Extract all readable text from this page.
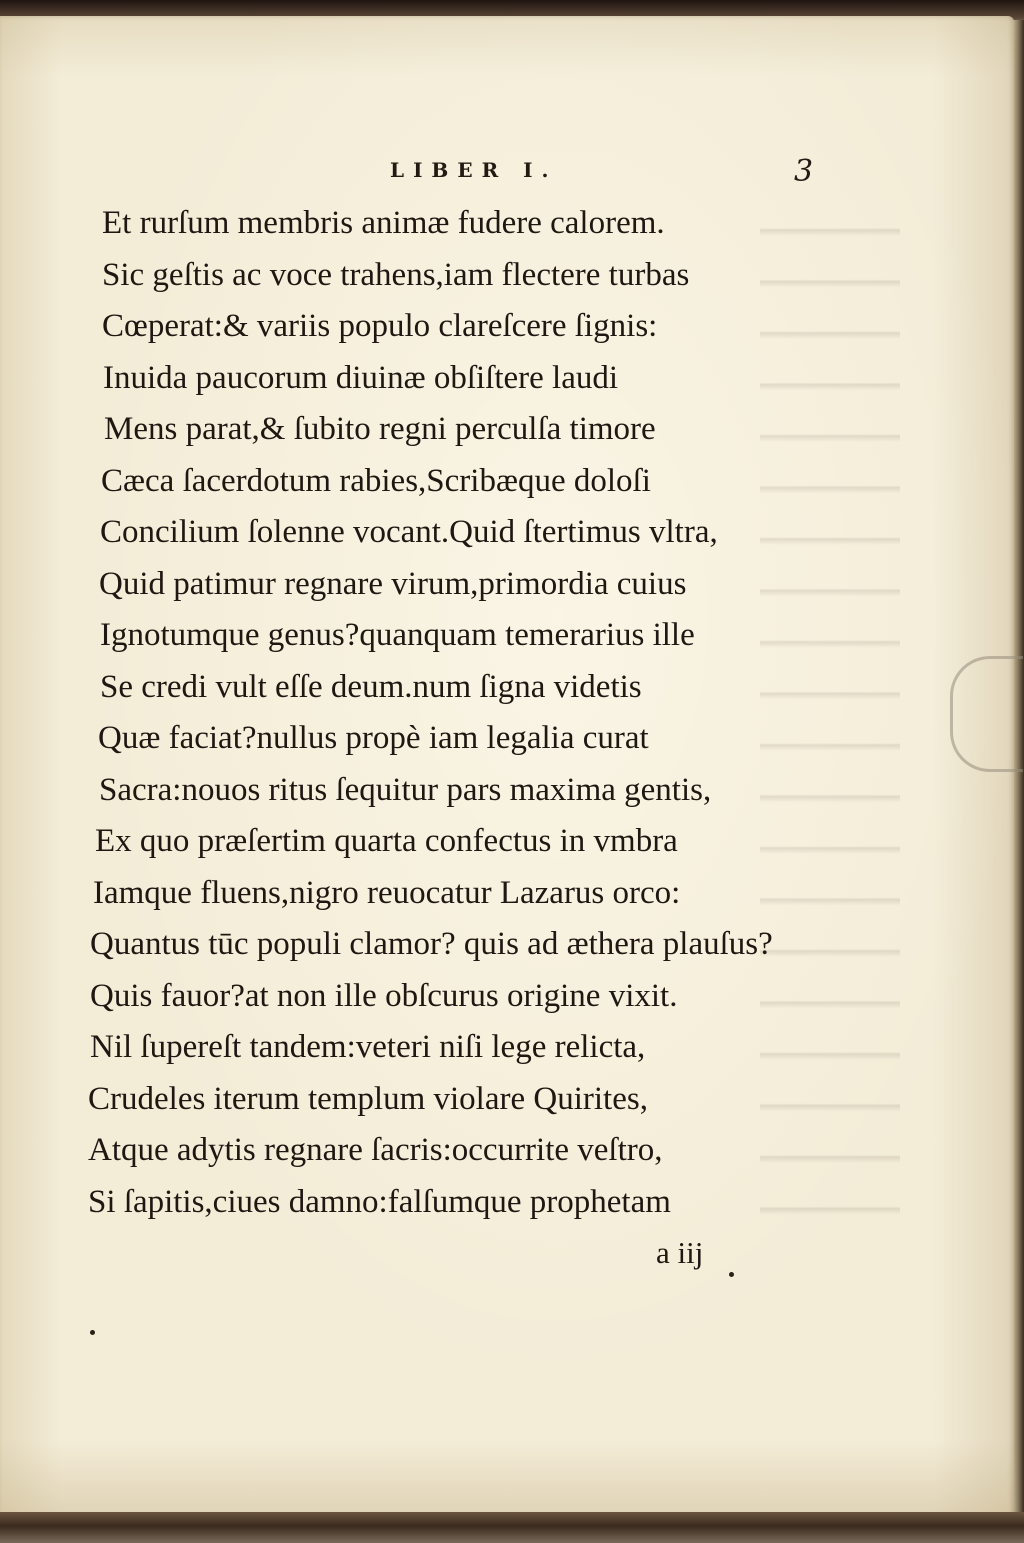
LIBER I.	3
Et rurſum membris animæ fudere calorem.
Sic geſtis ac voce trahens,iam flectere turbas
Cœperat:& variis populo clareſcere ſignis:
Inuida paucorum diuinæ obſiſtere laudi
Mens parat,& ſubito regni perculſa timore
Cæca ſacerdotum rabies,Scribæque doloſi
Concilium ſolenne vocant.Quid ſtertimus vltra,
Quid patimur regnare virum,primordia cuius
Ignotumque genus?quanquam temerarius ille
Se credi vult eſſe deum.num ſigna videtis
Quæ faciat?nullus propè iam legalia curat
Sacra:nouos ritus ſequitur pars maxima gentis,
Ex quo præſertim quarta confectus in vmbra
Iamque fluens,nigro reuocatur Lazarus orco:
Quantus tūc populi clamor? quis ad æthera plauſus?
Quis fauor?at non ille obſcurus origine vixit.
Nil ſupereſt tandem:veteri niſi lege relicta,
Crudeles iterum templum violare Quirites,
Atque adytis regnare ſacris:occurrite veſtro,
Si ſapitis,ciues damno:falſumque prophetam
a iij
